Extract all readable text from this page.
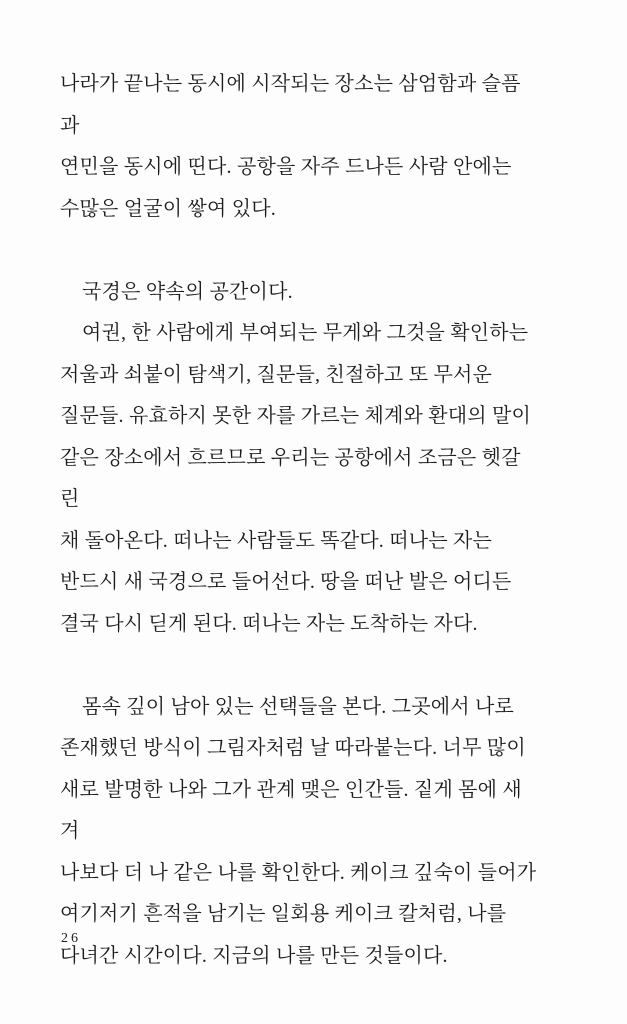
나라가 끝나는 동시에 시작되는 장소는 삼엄함과 슬픔과
연민을 동시에 띤다. 공항을 자주 드나든 사람 안에는
수많은 얼굴이 쌓여 있다.

국경은 약속의 공간이다.

여권, 한 사람에게 부여되는 무게와 그것을 확인하는
저울과 쇠붙이 탐색기, 질문들, 친절하고 또 무서운
질문들. 유효하지 못한 자를 가르는 체계와 환대의 말이
같은 장소에서 흐르므로 우리는 공항에서 조금은 헷갈린
채 돌아온다. 떠나는 사람들도 똑같다. 떠나는 자는
반드시 새 국경으로 들어선다. 땅을 떠난 발은 어디든
결국 다시 딛게 된다. 떠나는 자는 도착하는 자다.

몸속 깊이 남아 있는 선택들을 본다. 그곳에서 나로
존재했던 방식이 그림자처럼 날 따라붙는다. 너무 많이
새로 발명한 나와 그가 관계 맺은 인간들. 짙게 몸에 새겨
나보다 더 나 같은 나를 확인한다. 케이크 깊숙이 들어가
여기저기 흔적을 남기는 일회용 케이크 칼처럼, 나를
다녀간 시간이다. 지금의 나를 만든 것들이다.

26
